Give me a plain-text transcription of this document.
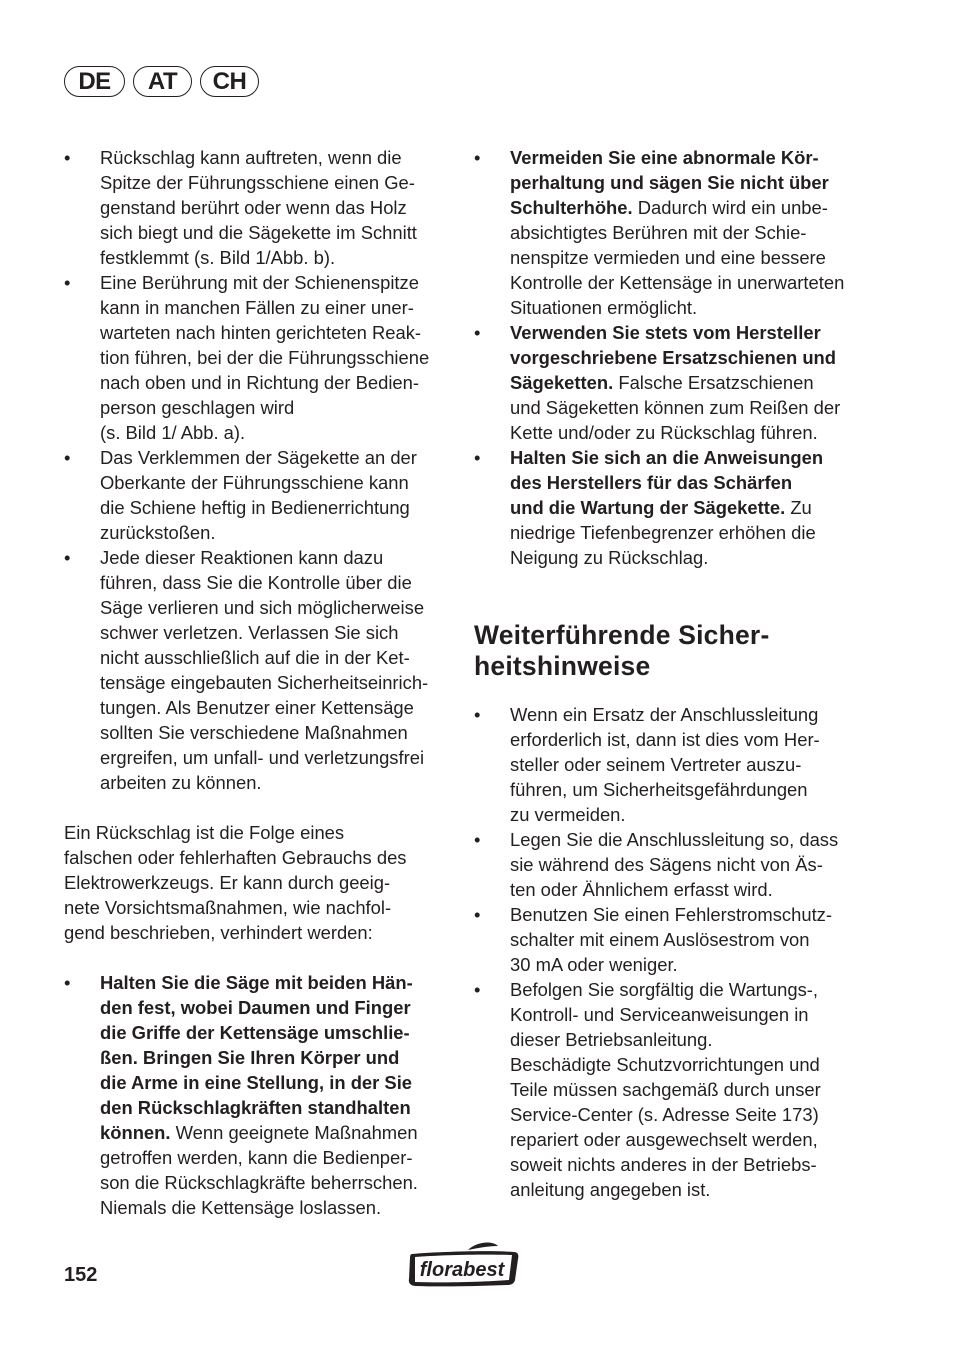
DE	AT	CH
• Rückschlag kann auftreten, wenn die
Spitze der Führungsschiene einen Ge-
genstand berührt oder wenn das Holz
sich biegt und die Sägekette im Schnitt
festklemmt (s. Bild 1/Abb. b).
• Eine Berührung mit der Schienenspitze
kann in manchen Fällen zu einer uner-
warteten nach hinten gerichteten Reak-
tion führen, bei der die Führungsschiene
nach oben und in Richtung der Bedien-
person geschlagen wird
(s. Bild 1/ Abb. a).
• Das Verklemmen der Sägekette an der
Oberkante der Führungsschiene kann
die Schiene heftig in Bedienerrichtung
zurückstoßen.
• Jede dieser Reaktionen kann dazu
führen, dass Sie die Kontrolle über die
Säge verlieren und sich möglicherweise
schwer verletzen. Verlassen Sie sich
nicht ausschließlich auf die in der Ket-
tensäge eingebauten Sicherheitseinrich-
tungen. Als Benutzer einer Kettensäge
sollten Sie verschiedene Maßnahmen
ergreifen, um unfall- und verletzungsfrei
arbeiten zu können.

Ein Rückschlag ist die Folge eines
falschen oder fehlerhaften Gebrauchs des
Elektrowerkzeugs. Er kann durch geeig-
nete Vorsichtsmaßnahmen, wie nachfol-
gend beschrieben, verhindert werden:

• Halten Sie die Säge mit beiden Hän-
den fest, wobei Daumen und Finger
die Griffe der Kettensäge umschlie-
ßen. Bringen Sie Ihren Körper und
die Arme in eine Stellung, in der Sie
den Rückschlagkräften standhalten
können. Wenn geeignete Maßnahmen
getroffen werden, kann die Bedienper-
son die Rückschlagkräfte beherrschen.
Niemals die Kettensäge loslassen.
• Vermeiden Sie eine abnormale Kör-
perhaltung und sägen Sie nicht über
Schulterhöhe. Dadurch wird ein unbe-
absichtigtes Berühren mit der Schie-
nenspitze vermieden und eine bessere
Kontrolle der Kettensäge in unerwarteten
Situationen ermöglicht.
• Verwenden Sie stets vom Hersteller
vorgeschriebene Ersatzschienen und
Sägeketten. Falsche Ersatzschienen
und Sägeketten können zum Reißen der
Kette und/oder zu Rückschlag führen.
• Halten Sie sich an die Anweisungen
des Herstellers für das Schärfen
und die Wartung der Sägekette. Zu
niedrige Tiefenbegrenzer erhöhen die
Neigung zu Rückschlag.
Weiterführende Sicher-
heitshinweise
• Wenn ein Ersatz der Anschlussleitung
erforderlich ist, dann ist dies vom Her-
steller oder seinem Vertreter auszu-
führen, um Sicherheitsgefährdungen
zu vermeiden.
• Legen Sie die Anschlussleitung so, dass
sie während des Sägens nicht von Äs-
ten oder Ähnlichem erfasst wird.
• Benutzen Sie einen Fehlerstromschutz-
schalter mit einem Auslösestrom von
30 mA oder weniger.
• Befolgen Sie sorgfältig die Wartungs-,
Kontroll- und Serviceanweisungen in
dieser Betriebsanleitung.
Beschädigte Schutzvorrichtungen und
Teile müssen sachgemäß durch unser
Service-Center (s. Adresse Seite 173)
repariert oder ausgewechselt werden,
soweit nichts anderes in der Betriebs-
anleitung angegeben ist.
152	florabest
